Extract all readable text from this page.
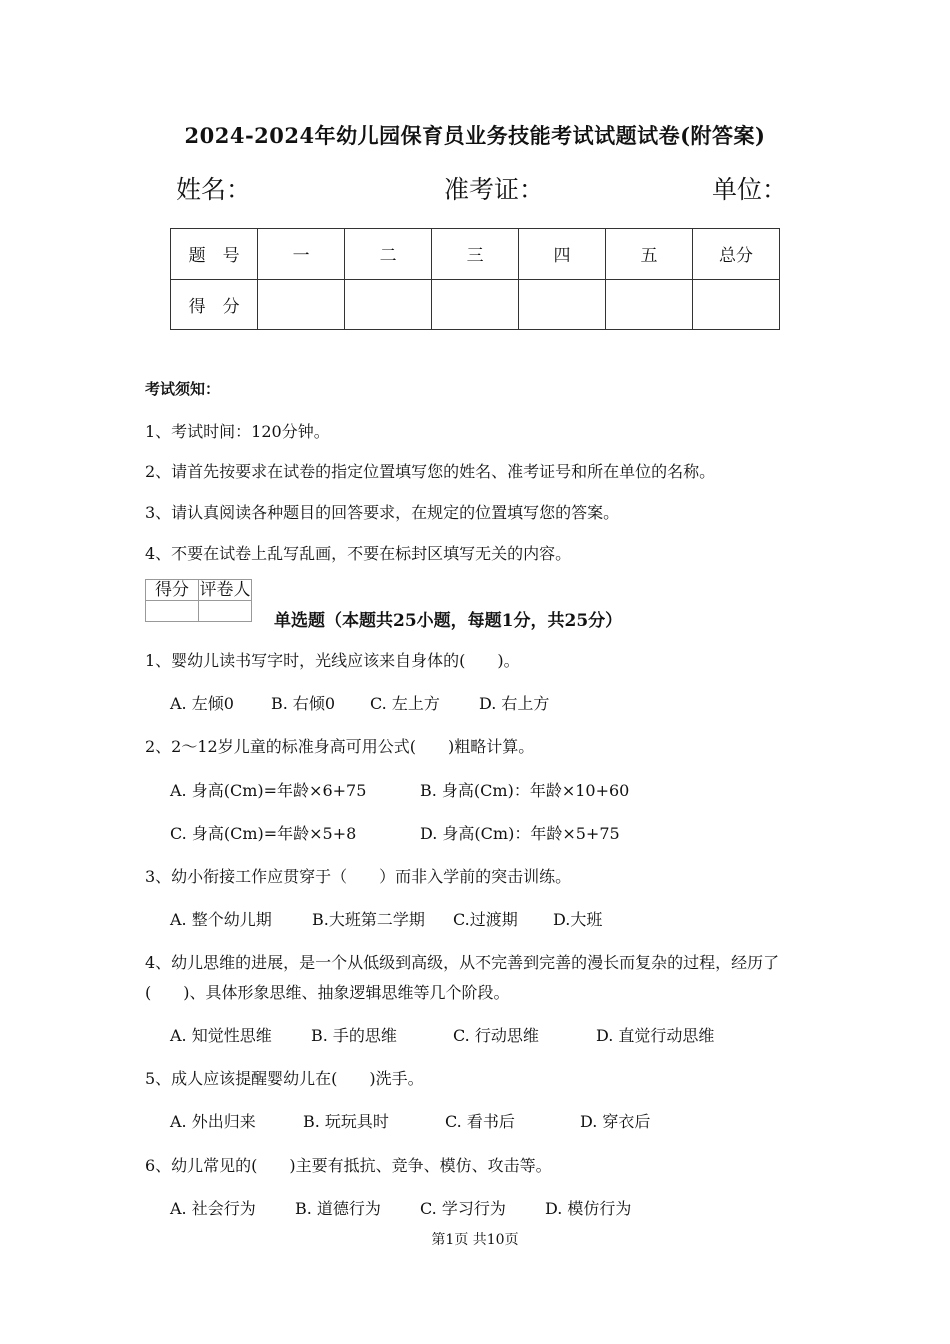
2024-2024年幼儿园保育员业务技能考试试题试卷(附答案)
姓名：	准考证：	单位：
题　号	一	二	三	四	五	总分
得　分						
考试须知：
1、考试时间：120分钟。
2、请首先按要求在试卷的指定位置填写您的姓名、准考证号和所在单位的名称。
3、请认真阅读各种题目的回答要求，在规定的位置填写您的答案。
4、不要在试卷上乱写乱画，不要在标封区填写无关的内容。
得分	评卷人

单选题（本题共25小题，每题1分，共25分）
1、婴幼儿读书写字时，光线应该来自身体的(　　)。
A. 左倾0 B. 右倾0 C. 左上方 D. 右上方
2、2～12岁儿童的标准身高可用公式(　　)粗略计算。
A. 身高(Cm)=年龄×6+75	B. 身高(Cm)：年龄×10+60
C. 身高(Cm)=年龄×5+8	D. 身高(Cm)：年龄×5+75
3、幼小衔接工作应贯穿于（　　）而非入学前的突击训练。
A. 整个幼儿期	B.大班第二学期 C.过渡期 D.大班
4、幼儿思维的进展，是一个从低级到高级，从不完善到完善的漫长而复杂的过程，经历了
(　　)、具体形象思维、抽象逻辑思维等几个阶段。
A. 知觉性思维 B. 手的思维	C. 行动思维	D. 直觉行动思维
5、成人应该提醒婴幼儿在(　　)洗手。
A. 外出归来	B. 玩玩具时	C. 看书后	D. 穿衣后
6、幼儿常见的(　　)主要有抵抗、竞争、模仿、攻击等。
A. 社会行为 B. 道德行为 C. 学习行为 D. 模仿行为
第1页 共10页
